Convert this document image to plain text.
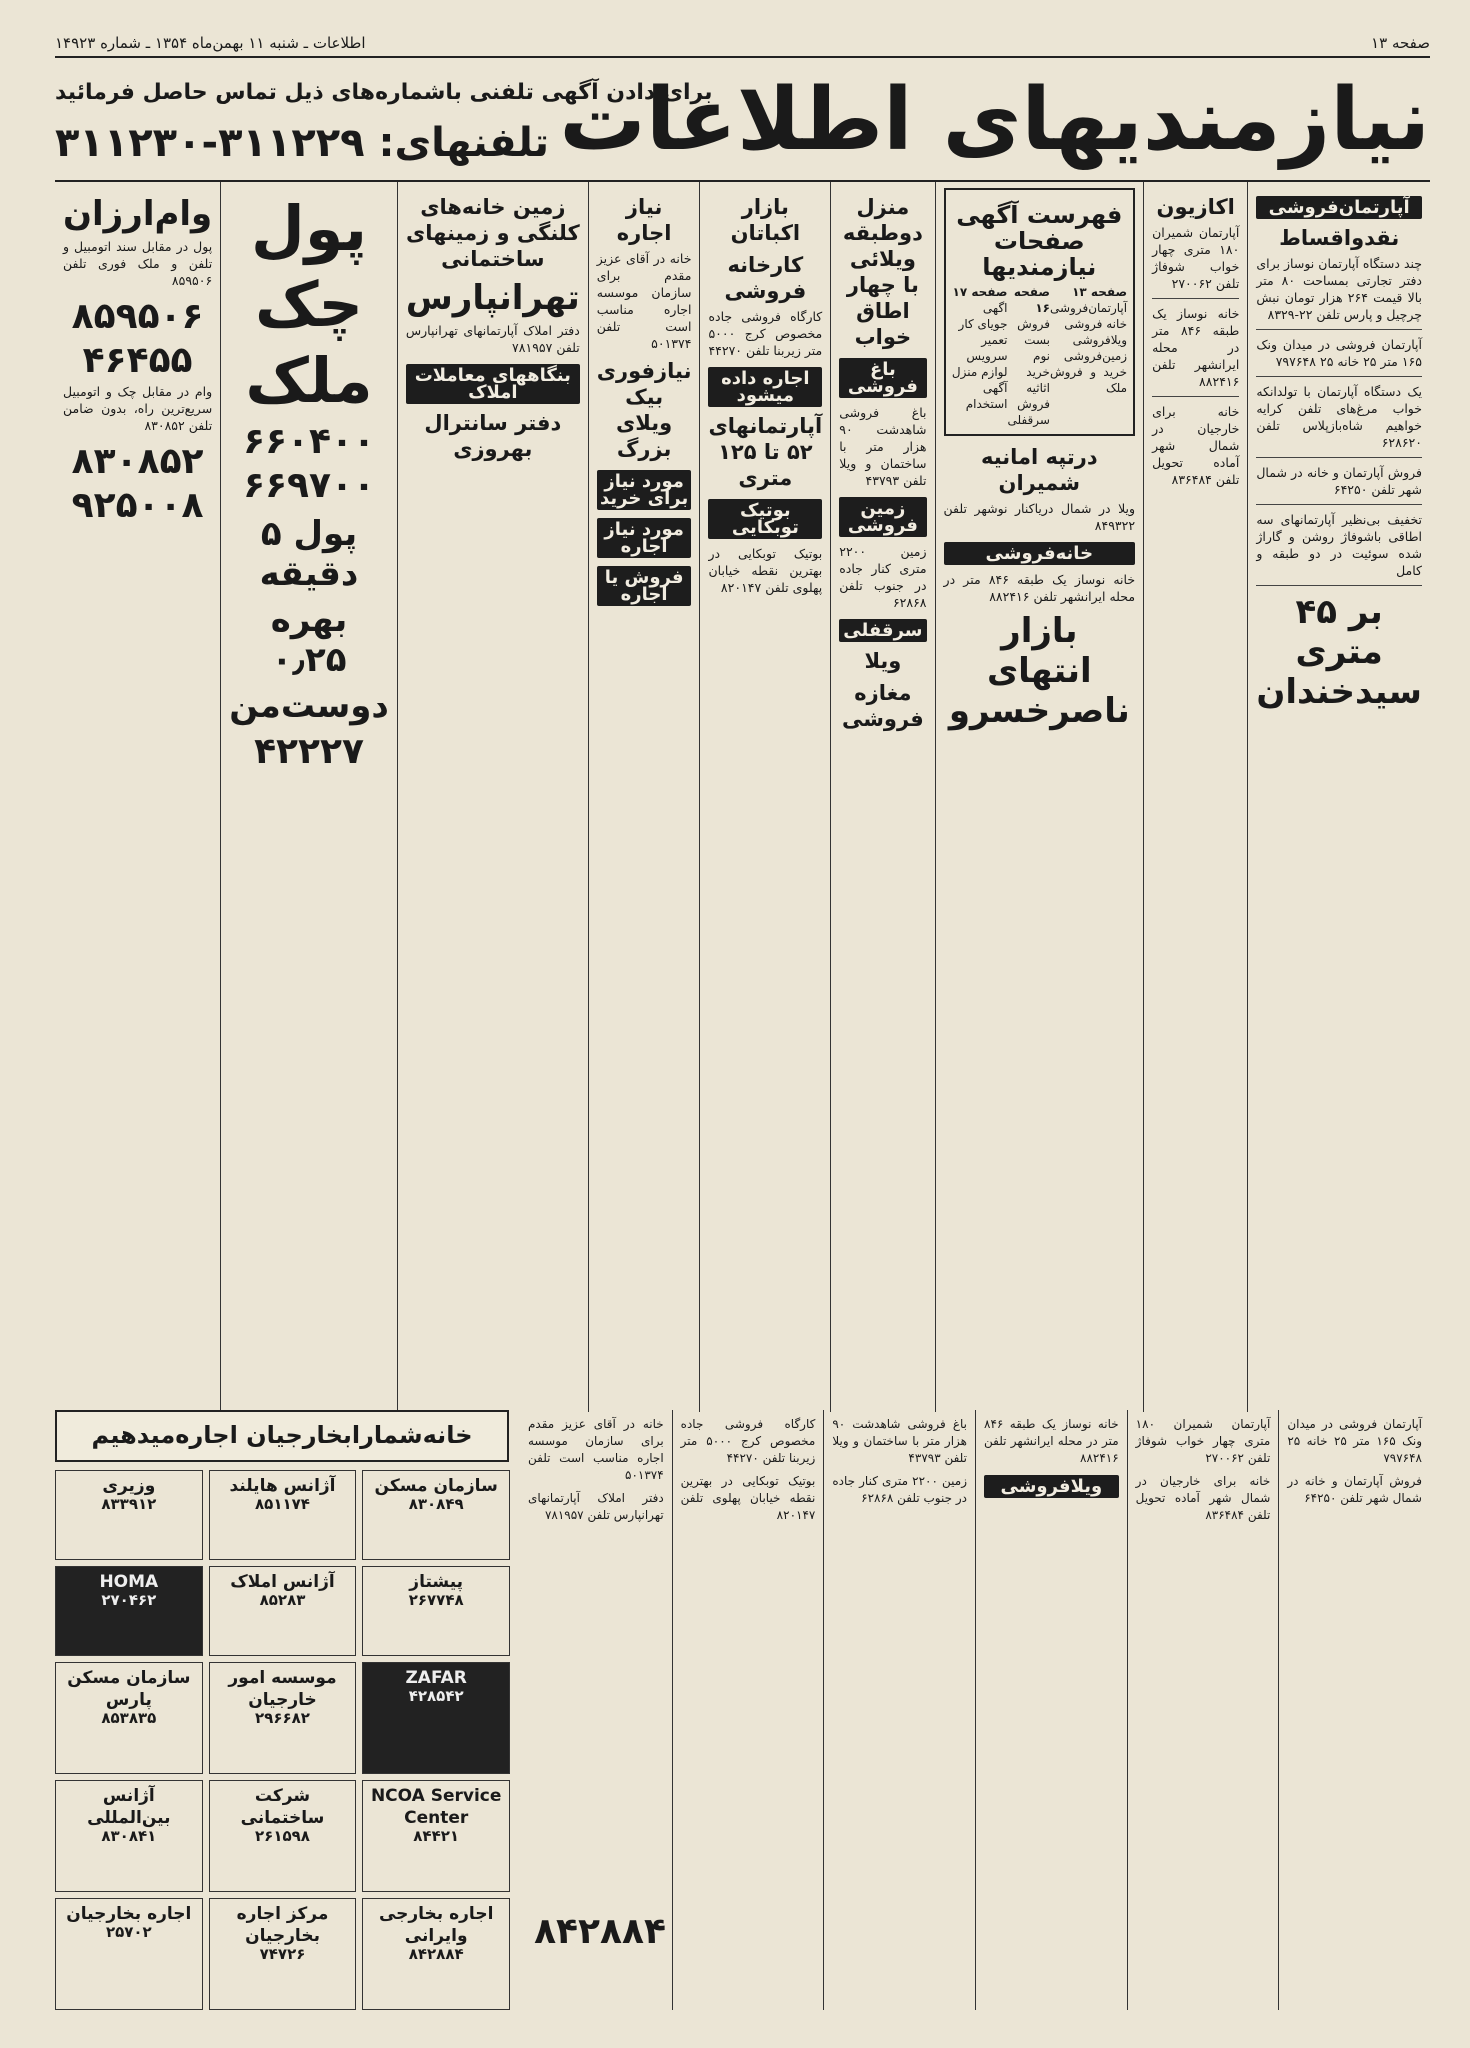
صفحه ۱۳
اطلاعات ـ شنبه ۱۱ بهمن‌ماه ۱۳۵۴ ـ شماره ۱۴۹۲۳
نیازمندیهای اطلاعات
برای دادن آگهی تلفنی باشماره‌های ذیل تماس حاصل فرمائید
تلفنهای: ۳۱۱۲۲۹-۳۱۱۲۳۰
آپارتمان‌فروشی
نقدواقساط

چند دستگاه آپارتمان نوساز برای دفتر تجارتی بمساحت ۸۰ متر بالا قیمت ۲۶۴ هزار تومان نبش چرچیل و پارس تلفن ۲۲-۸۳۲۹

آپارتمان فروشی در میدان ونک ۱۶۵ متر ۲۵ خانه ۲۵ ۷۹۷۶۴۸

یک دستگاه آپارتمان با تولدانکه خواب مرغ‌های تلفن کرایه خواهیم شاه‌بازپلاس تلفن ۶۲۸۶۲۰

فروش آپارتمان و خانه در شمال شهر تلفن ۶۴۲۵۰

تخفیف بی‌نظیر آپارتمانهای سه اطاقی باشوفاژ روشن و گاراژ شده سوئیت در دو طبقه و کامل

بر ۴۵ متری سیدخندان
اکازیون

آپارتمان شمیران ۱۸۰ متری چهار خواب شوفاژ تلفن ۲۷۰۰۶۲

خانه نوساز یک طبقه ۸۴۶ متر در محله ایرانشهر تلفن ۸۸۲۴۱۶

خانه برای خارجیان در شمال شهر آماده تحویل تلفن ۸۳۶۴۸۴

فهرست آگهی صفحات نیازمندیها
صفحه ۱۳
آپارتمان‌فروشی
خانه فروشی
ویلافروشی
زمین‌فروشی
خرید و فروش ملک
صفحه ۱۶
فروش بست نوم
خرید اثاثیه
فروش سرقفلی
صفحه ۱۷
اگهی جویای کار
تعمیر سرویس لوازم منزل
آگهی استخدام
درتپه امانیه شمیران

ویلا در شمال دریاکنار نوشهر تلفن ۸۴۹۳۲۲

خانه‌فروشی

خانه نوساز یک طبقه ۸۴۶ متر در محله ایرانشهر تلفن ۸۸۲۴۱۶

بازار انتهای ناصرخسرو
منزل دوطبقه ویلائی با چهار اطاق خواب
باغ فروشی

باغ فروشی شاهدشت ۹۰ هزار متر با ساختمان و ویلا تلفن ۴۳۷۹۳

زمین فروشی

زمین ۲۲۰۰ متری کنار جاده در جنوب تلفن ۶۲۸۶۸

سرقفلی
ویلا
مغازه فروشی
بازار اکباتان
کارخانه فروشی

کارگاه فروشی جاده مخصوص کرج ۵۰۰۰ متر زیربنا تلفن ۴۴۲۷۰

اجاره داده میشود
آپارتمانهای ۵۲ تا ۱۲۵ متری
بوتیک توبکایی

بوتیک توبکایی در بهترین نقطه خیابان پهلوی تلفن ۸۲۰۱۴۷

نیاز اجاره

خانه در آقای عزیز مقدم برای سازمان موسسه اجاره مناسب است تلفن ۵۰۱۳۷۴

نیازفوری بیک ویلای بزرگ
مورد نیاز برای خرید
مورد نیاز اجاره
فروش یا اجاره
زمین خانه‌های کلنگی و زمینهای ساختمانی
تهرانپارس

دفتر املاک آپارتمانهای تهرانپارس تلفن ۷۸۱۹۵۷

بنگاههای معاملات املاک
دفتر سانترال بهروزی
پول
چک
ملک
۶۶۰۴۰۰
۶۶۹۷۰۰
پول ۵ دقیقه
بهره ۰٫۲۵
دوست‌من
۴۲۲۲۷
وام‌ارزان

پول در مقابل سند اتومبیل و تلفن و ملک فوری تلفن ۸۵۹۵۰۶

۸۵۹۵۰۶
۴۶۴۵۵

وام در مقابل چک و اتومبیل سریع‌ترین راه، بدون ضامن تلفن ۸۳۰۸۵۲

۸۳۰۸۵۲
۹۲۵۰۰۸

آپارتمان فروشی در میدان ونک ۱۶۵ متر ۲۵ خانه ۲۵ ۷۹۷۶۴۸

فروش آپارتمان و خانه در شمال شهر تلفن ۶۴۲۵۰

آپارتمان شمیران ۱۸۰ متری چهار خواب شوفاژ تلفن ۲۷۰۰۶۲

خانه برای خارجیان در شمال شهر آماده تحویل تلفن ۸۳۶۴۸۴

خانه نوساز یک طبقه ۸۴۶ متر در محله ایرانشهر تلفن ۸۸۲۴۱۶

ویلافروشی

باغ فروشی شاهدشت ۹۰ هزار متر با ساختمان و ویلا تلفن ۴۳۷۹۳

زمین ۲۲۰۰ متری کنار جاده در جنوب تلفن ۶۲۸۶۸

کارگاه فروشی جاده مخصوص کرج ۵۰۰۰ متر زیربنا تلفن ۴۴۲۷۰

بوتیک توبکایی در بهترین نقطه خیابان پهلوی تلفن ۸۲۰۱۴۷

خانه در آقای عزیز مقدم برای سازمان موسسه اجاره مناسب است تلفن ۵۰۱۳۷۴

دفتر املاک آپارتمانهای تهرانپارس تلفن ۷۸۱۹۵۷

خانه‌شمارابخارجیان اجاره‌میدهیم
سازمان مسکن
۸۳۰۸۴۹
آژانس هایلند
۸۵۱۱۷۴
وزیری
۸۳۳۹۱۲
پیشتاز
۲۶۷۷۴۸
آژانس املاک
۸۵۲۸۳
HOMA
۲۷۰۴۶۲
ZAFAR
۴۲۸۵۴۲
موسسه امور خارجیان
۲۹۶۶۸۲
سازمان مسکن پارس
۸۵۳۸۳۵
NCOA Service Center
۸۴۴۲۱
شرکت ساختمانی
۲۶۱۵۹۸
آژانس بین‌المللی
۸۳۰۸۴۱
اجاره بخارجی وایرانی
۸۴۲۸۸۴
مرکز اجاره بخارجیان
۷۴۷۲۶
اجاره بخارجیان
۲۵۷۰۲	۸۴۲۸۸۴
